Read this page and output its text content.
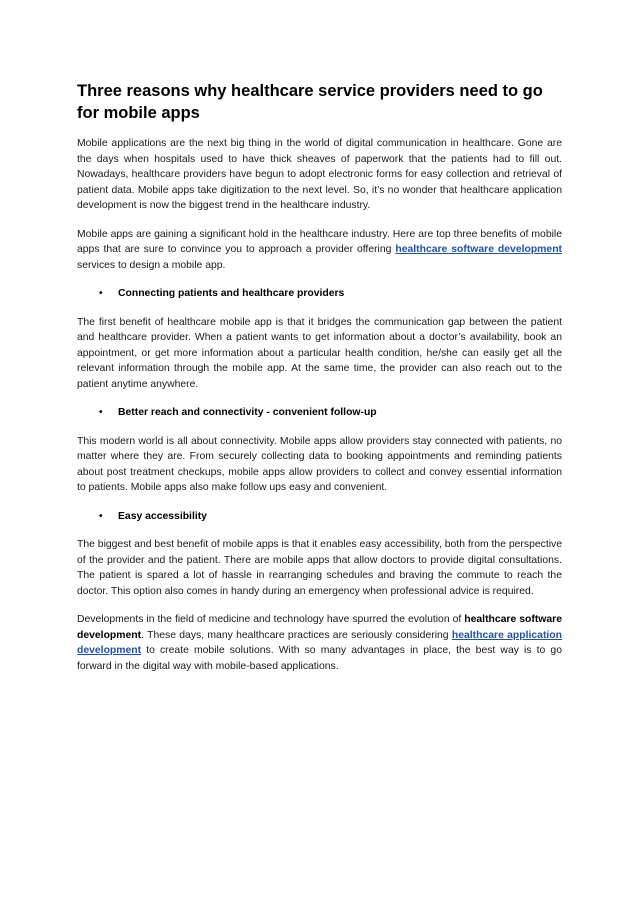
Three reasons why healthcare service providers need to go for mobile apps

Mobile applications are the next big thing in the world of digital communication in healthcare. Gone are the days when hospitals used to have thick sheaves of paperwork that the patients had to fill out. Nowadays, healthcare providers have begun to adopt electronic forms for easy collection and retrieval of patient data. Mobile apps take digitization to the next level. So, it’s no wonder that healthcare application development is now the biggest trend in the healthcare industry.

Mobile apps are gaining a significant hold in the healthcare industry. Here are top three benefits of mobile apps that are sure to convince you to approach a provider offering healthcare software development services to design a mobile app.

•	Connecting patients and healthcare providers

The first benefit of healthcare mobile app is that it bridges the communication gap between the patient and healthcare provider. When a patient wants to get information about a doctor’s availability, book an appointment, or get more information about a particular health condition, he/she can easily get all the relevant information through the mobile app. At the same time, the provider can also reach out to the patient anytime anywhere.

•	Better reach and connectivity - convenient follow-up

This modern world is all about connectivity. Mobile apps allow providers stay connected with patients, no matter where they are. From securely collecting data to booking appointments and reminding patients about post treatment checkups, mobile apps allow providers to collect and convey essential information to patients. Mobile apps also make follow ups easy and convenient.

•	Easy accessibility

The biggest and best benefit of mobile apps is that it enables easy accessibility, both from the perspective of the provider and the patient. There are mobile apps that allow doctors to provide digital consultations. The patient is spared a lot of hassle in rearranging schedules and braving the commute to reach the doctor. This option also comes in handy during an emergency when professional advice is required.

Developments in the field of medicine and technology have spurred the evolution of healthcare software development. These days, many healthcare practices are seriously considering healthcare application development to create mobile solutions. With so many advantages in place, the best way is to go forward in the digital way with mobile-based applications.
